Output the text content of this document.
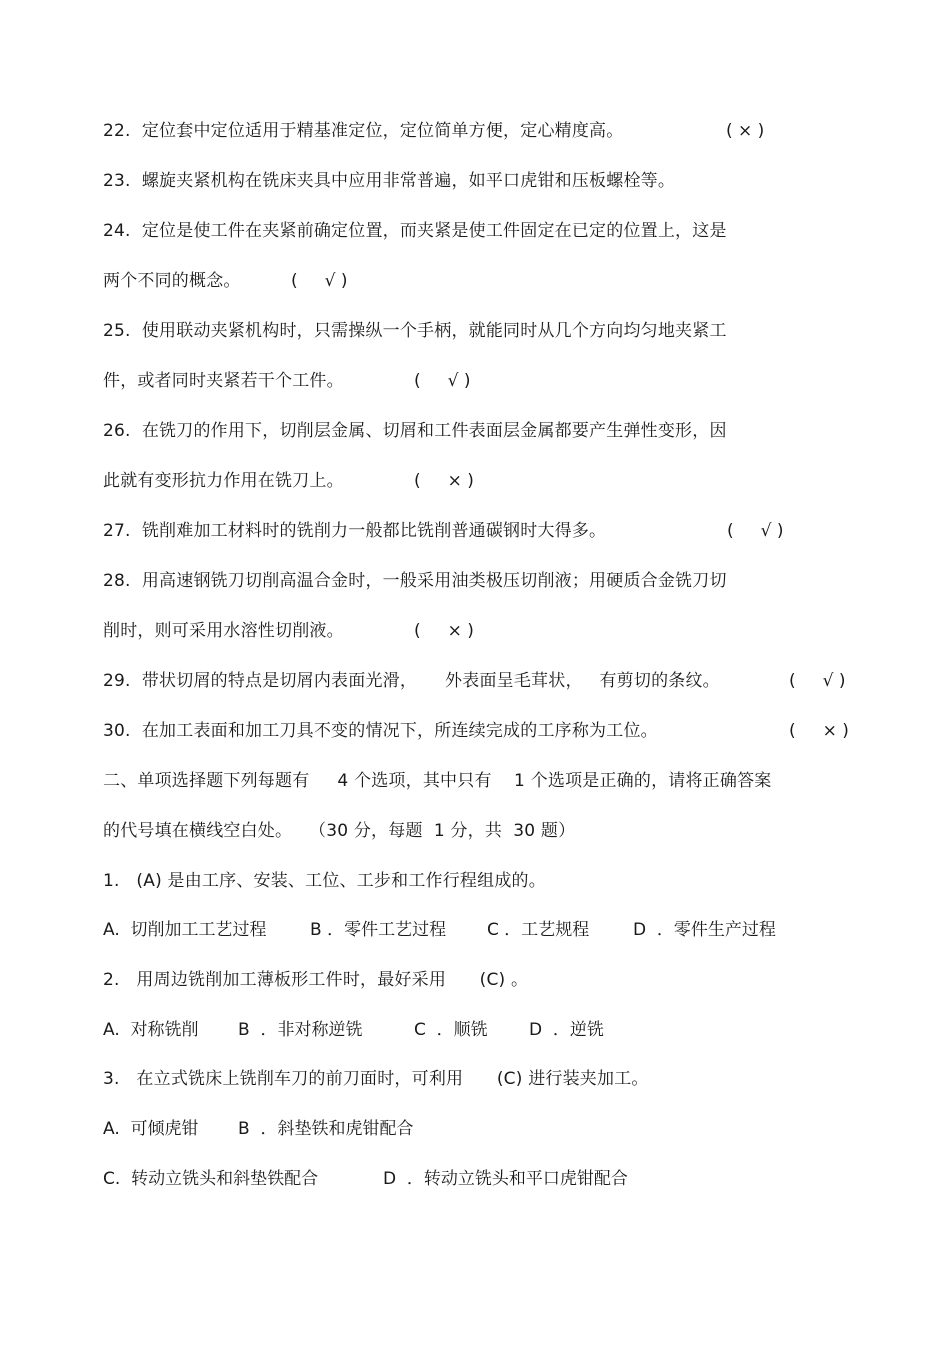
22.  定位套中定位适用于精基准定位，定位简单方便，定心精度高。	( × )
23.  螺旋夹紧机构在铣床夹具中应用非常普遍，如平口虎钳和压板螺栓等。
24.  定位是使工件在夹紧前确定位置，而夹紧是使工件固定在已定的位置上，这是
两个不同的概念。	(     √ )
25.  使用联动夹紧机构时，只需操纵一个手柄，就能同时从几个方向均匀地夹紧工
件，或者同时夹紧若干个工件。	(     √ )
26.  在铣刀的作用下，切削层金属、切屑和工件表面层金属都要产生弹性变形，因
此就有变形抗力作用在铣刀上。	(     × )
27.  铣削难加工材料时的铣削力一般都比铣削普通碳钢时大得多。	(     √ )
28.  用高速钢铣刀切削高温合金时，一般采用油类极压切削液；用硬质合金铣刀切
削时，则可采用水溶性切削液。	(     × )
29.  带状切屑的特点是切屑内表面光滑，     外表面呈毛茸状，   有剪切的条纹。	(     √ )
30.  在加工表面和加工刀具不变的情况下，所连续完成的工序称为工位。	(     × )
二、单项选择题下列每题有     4 个选项，其中只有    1 个选项是正确的，请将正确答案
的代号填在横线空白处。   （30 分，每题  1 分，共  30 题）
1.   (A) 是由工序、安装、工位、工步和工作行程组成的。
A.  切削加工工艺过程	B ．零件工艺过程 C ．工艺规程	D  ．零件生产过程
2.   用周边铣削加工薄板形工件时，最好采用      (C) 。
A.  对称铣削 B  ．非对称逆铣	C  ．顺铣 D  ．逆铣
3.   在立式铣床上铣削车刀的前刀面时，可利用      (C) 进行装夹加工。
A.  可倾虎钳 B  ．斜垫铁和虎钳配合
C.  转动立铣头和斜垫铁配合	D  ．转动立铣头和平口虎钳配合
